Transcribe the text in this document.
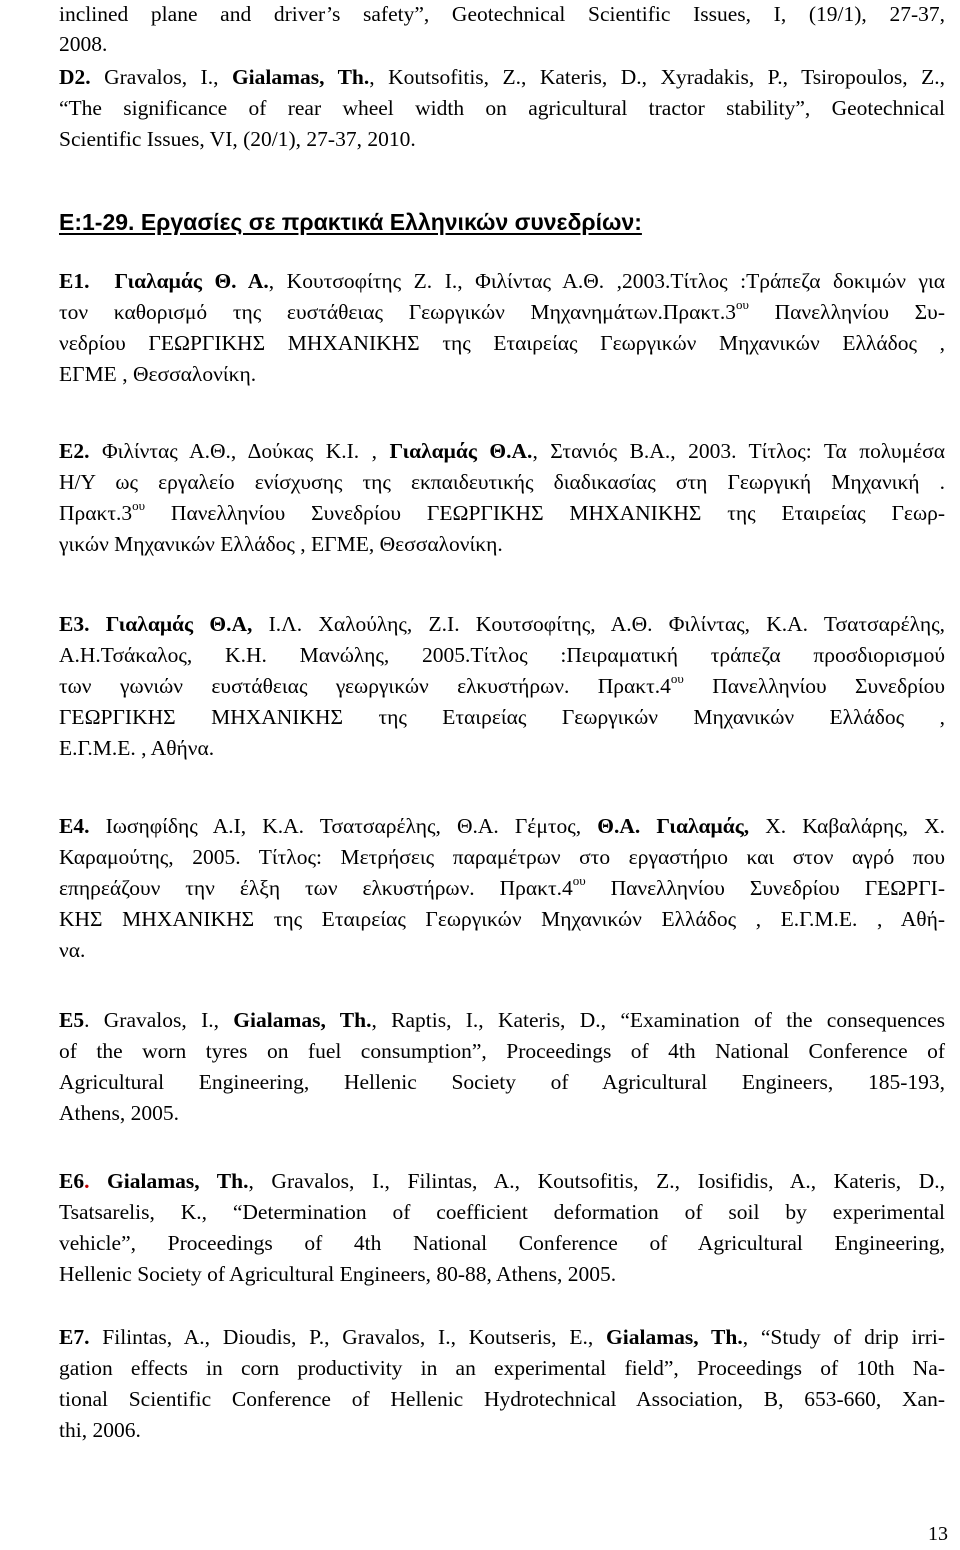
inclined plane and driver’s safety”, Geotechnical Scientific Issues, I, (19/1), 27-37,
2008.
D2. Gravalos, I., Gialamas, Th., Koutsofitis, Z., Kateris, D., Xyradakis, P., Tsiropoulos, Z.,
“The significance of rear wheel width on agricultural tractor stability”, Geotechnical
Scientific Issues, VI, (20/1), 27-37, 2010.
E:1-29. Εργασίες σε πρακτικά Ελληνικών συνεδρίων:
E1. Γιαλαμάς Θ. Α., Κουτσοφίτης Ζ. Ι., Φιλίντας Α.Θ. ,2003.Τίτλος :Τράπεζα δοκιμών για
τον καθορισμό της ευστάθειας Γεωργικών $M\eta\chi\alpha\nu\eta\mu ά\tau\omega\nu.\Pi\rho\alpha\kappa\tau.3^{o\upsilon}$ Πανελληνίου Συ-
νεδρίου ΓΕΩΡΓΙΚΗΣ ΜΗΧΑΝΙΚΗΣ της Εταιρείας Γεωργικών Μηχανικών Ελλάδος ,
ΕΓΜΕ , Θεσσαλονίκη.
E2. Φιλίντας Α.Θ., Δούκας Κ.Ι. , Γιαλαμάς Θ.Α., Στανιός Β.Α., 2003. Τίτλος: Τα πολυμέσα
Η/Υ ως εργαλείο ενίσχυσης της εκπαιδευτικής διαδικασίας στη Γεωργική Μηχανική .
$\Pi\rho\alpha\kappa\tau.3^{o\upsilon}$ Πανελληνίου Συνεδρίου ΓΕΩΡΓΙΚΗΣ ΜΗΧΑΝΙΚΗΣ της Εταιρείας Γεωρ-
γικών Μηχανικών Ελλάδος , ΕΓΜΕ, Θεσσαλονίκη.
E3. Γιαλαμάς Θ.Α, Ι.Λ. Χαλούλης, Ζ.Ι. Κουτσοφίτης, Α.Θ. Φιλίντας, Κ.Α. Τσατσαρέλης,
Α.Η.Τσάκαλος, Κ.Η. Μανώλης, 2005.Τίτλος :Πειραματική τράπεζα προσδιορισμού
των γωνιών ευστάθειας γεωργικών ελκυστήρων. $\Pi\rho\alpha\kappa\tau.4^{o\upsilon}$ Πανελληνίου Συνεδρίου
ΓΕΩΡΓΙΚΗΣ ΜΗΧΑΝΙΚΗΣ της Εταιρείας Γεωργικών Μηχανικών Ελλάδος ,
Ε.Γ.Μ.Ε. , Αθήνα.
E4. Ιωσηφίδης Α.Ι, Κ.Α. Τσατσαρέλης, Θ.Α. Γέμτος, Θ.Α. Γιαλαμάς, Χ. Καβαλάρης, Χ.
Καραμούτης, 2005. Τίτλος: Μετρήσεις παραμέτρων στο εργαστήριο και στον αγρό που
επηρεάζουν την έλξη των ελκυστήρων. $\Pi\rho\alpha\kappa\tau.4^{o\upsilon}$ Πανελληνίου Συνεδρίου ΓΕΩΡΓΙ-
ΚΗΣ ΜΗΧΑΝΙΚΗΣ της Εταιρείας Γεωργικών Μηχανικών Ελλάδος , Ε.Γ.Μ.Ε. , Αθή-
να.
E5. Gravalos, I., Gialamas, Th., Raptis, I., Kateris, D., “Examination of the consequences
of the worn tyres on fuel consumption”, Proceedings of 4th National Conference of
Agricultural Engineering, Hellenic Society of Agricultural Engineers, 185-193,
Athens, 2005.
E6. Gialamas, Th., Gravalos, I., Filintas, A., Koutsofitis, Z., Iosifidis, A., Kateris, D.,
Tsatsarelis, K., “Determination of coefficient deformation of soil by experimental
vehicle”, Proceedings of 4th National Conference of Agricultural Engineering,
Hellenic Society of Agricultural Engineers, 80-88, Athens, 2005.
E7. Filintas, A., Dioudis, P., Gravalos, I., Koutseris, E., Gialamas, Th., “Study of drip irri-
gation effects in corn productivity in an experimental field”, Proceedings of 10th Na-
tional Scientific Conference of Hellenic Hydrotechnical Association, B, 653-660, Xan-
thi, 2006.
13
